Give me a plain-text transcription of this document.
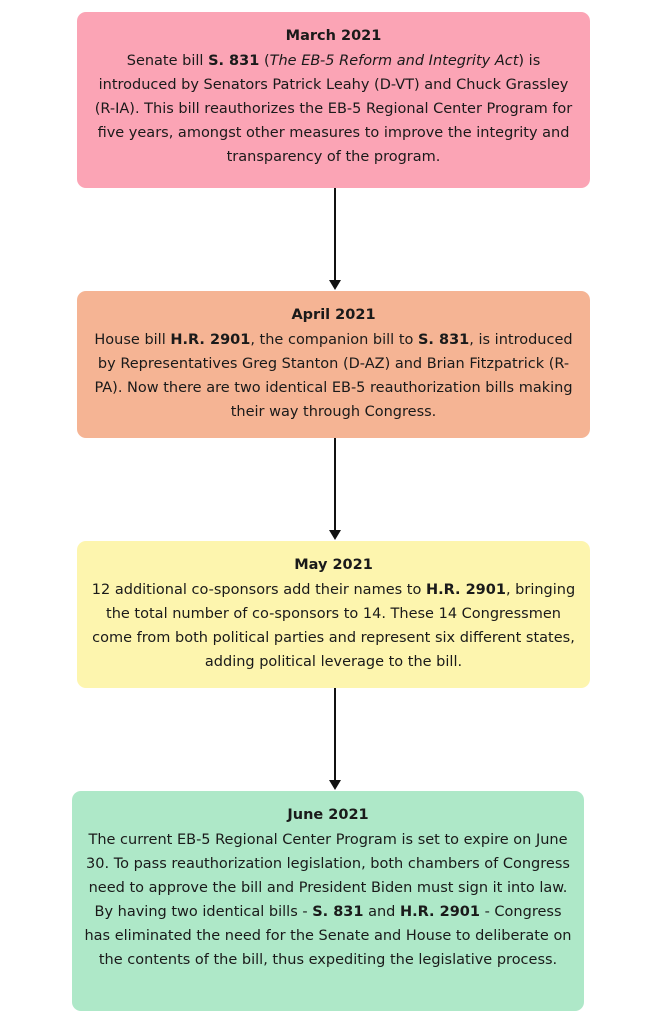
March 2021
Senate bill S. 831 (The EB-5 Reform and Integrity Act) is introduced by Senators Patrick Leahy (D-VT) and Chuck Grassley (R-IA). This bill reauthorizes the EB-5 Regional Center Program for five years, amongst other measures to improve the integrity and transparency of the program.
April 2021
House bill H.R. 2901, the companion bill to S. 831, is introduced by Representatives Greg Stanton (D-AZ) and Brian Fitzpatrick (R-PA). Now there are two identical EB-5 reauthorization bills making their way through Congress.
May 2021
12 additional co-sponsors add their names to H.R. 2901, bringing the total number of co-sponsors to 14. These 14 Congressmen come from both political parties and represent six different states, adding political leverage to the bill.
June 2021
The current EB-5 Regional Center Program is set to expire on June 30. To pass reauthorization legislation, both chambers of Congress need to approve the bill and President Biden must sign it into law. By having two identical bills - S. 831 and H.R. 2901 - Congress has eliminated the need for the Senate and House to deliberate on the contents of the bill, thus expediting the legislative process.
